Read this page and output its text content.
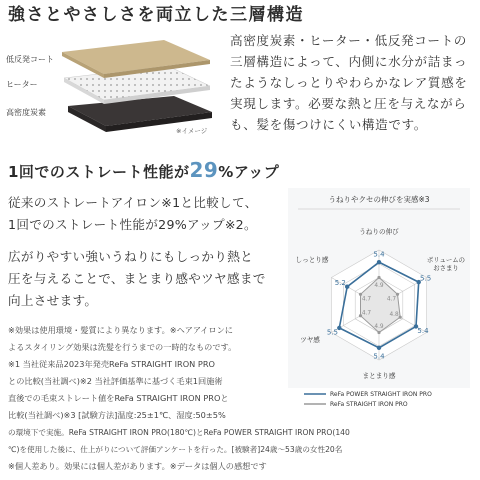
強さとやさしさを両立した三層構造
低反発コート
ヒーター
高密度炭素
※イメージ
高密度炭素・ヒーター・低反発コートの
三層構造によって、内側に水分が詰まっ
たようなしっとりやわらかなレア質感を
実現します。必要な熱と圧を与えながら
も、髪を傷つけにくい構造です。
1回でのストレート性能が29%アップ
従来のストレートアイロン※1と比較して、
1回でのストレート性能が29%アップ※2。
広がりやすい強いうねりにもしっかり熱と
圧を与えることで、まとまり感やツヤ感まで
向上させます。
※効果は使用環境・髪質により異なります。※ヘアアイロンに
よるスタイリング効果は洗髪を行うまでの一時的なものです。
※1 当社従来品2023年発売ReFa STRAIGHT IRON PRO
との比較(当社調べ)※2 当社評価基準に基づく毛束1回施術
直後での毛束ストレート値をReFa STRAIGHT IRON PROと
比較(当社調べ)※3 [試験方法]温度:25±1℃、湿度:50±5%
の環境下で実施。ReFa STRAIGHT IRON PRO(180℃)とReFa POWER STRAIGHT IRON PRO(140
℃)を使用した後に、仕上がりについて評価アンケートを行った。[被験者]24歳～53歳の女性20名
※個人差あり。効果には個人差があります。※データは個人の感想です
うねりやクセの伸びを実感※3
4.9
4.7
4.8
4.9
4.7
4.7
5.4
5.5
5.4
5.4
5.5
5.2
うねりの伸び
ボリュームの
おさまり
まとまり感
ツヤ感
しっとり感
ReFa POWER STRAIGHT IRON PRO
ReFa STRAIGHT IRON PRO
